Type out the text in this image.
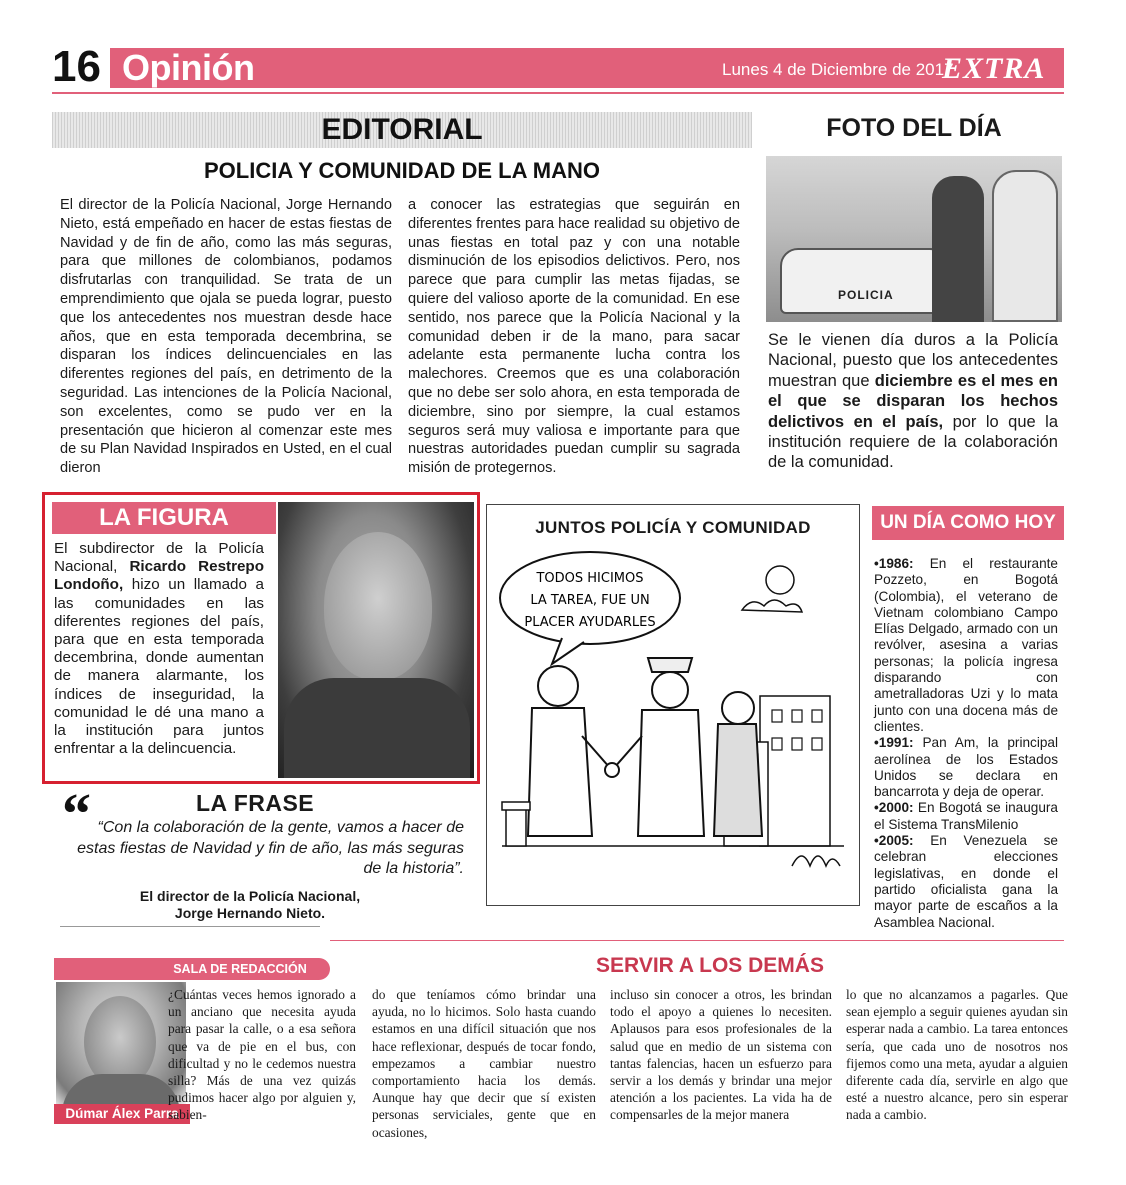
16 Opinión	Lunes 4 de Diciembre de 2017
EXTRA
EDITORIAL
POLICIA Y COMUNIDAD DE LA MANO
El director de la Policía Nacional, Jorge Hernando Nieto, está empeñado en hacer de estas fiestas de Navidad y de fin de año, como las más seguras, para que millones de colombianos, podamos disfrutarlas con tranquilidad. Se trata de un emprendimiento que ojala se pueda lograr, puesto que los antecedentes nos muestran desde hace años, que en esta temporada decembrina, se disparan los índices delincuenciales en las diferentes regiones del país, en detrimento de la seguridad. Las intenciones de la Policía Nacional, son excelentes, como se pudo ver en la presentación que hicieron al comenzar este mes de su Plan Navidad Inspirados en Usted, en el cual dieron
a conocer las estrategias que seguirán en diferentes frentes para hace realidad su objetivo de unas fiestas en total paz y con una notable disminución de los episodios delictivos. Pero, nos parece que para cumplir las metas fijadas, se quiere del valioso aporte de la comunidad. En ese sentido, nos parece que la Policía Nacional y la comunidad deben ir de la mano, para sacar adelante esta permanente lucha contra los malechores. Creemos que es una colaboración que no debe ser solo ahora, en esta temporada de diciembre, sino por siempre, la cual estamos seguros será muy valiosa e importante para que nuestras autoridades puedan cumplir su sagrada misión de protegernos.
FOTO DEL DÍA
POLICIA
Se le vienen día duros a la Policía Nacional, puesto que los antecedentes muestran que diciembre es el mes en el que se disparan los hechos delictivos en el país, por lo que la institución requiere de la colaboración de la comunidad.
LA FIGURA
El subdirector de la Policía Nacional, Ricardo Restrepo Londoño, hizo un llamado a las comunidades en las diferentes regiones del país, para que en esta temporada decembrina, donde aumentan de manera alarmante, los índices de inseguridad, la comunidad le dé una mano a la institución para juntos enfrentar a la delincuencia.
“	LA FRASE
“Con la colaboración de la gente, vamos a hacer de estas fiestas de Navidad y fin de año, las más seguras de la historia”.
El director de la Policía Nacional,
Jorge Hernando Nieto.
JUNTOS POLICÍA Y COMUNIDAD
TODOS HICIMOS
LA TAREA, FUE UN
PLACER AYUDARLES
UN DÍA COMO HOY

•1986: En el restaurante Pozzeto, en Bogotá (Colombia), el veterano de Vietnam colombiano Campo Elías Delgado, armado con un revólver, asesina a varias personas; la policía ingresa disparando con ametralladoras Uzi y lo mata junto con una docena más de clientes.

•1991: Pan Am, la principal aerolínea de los Estados Unidos se declara en bancarrota y deja de operar.

•2000: En Bogotá se inaugura el Sistema TransMilenio

•2005: En Venezuela se celebran elecciones legislativas, en donde el partido oficialista gana la mayor parte de escaños a la Asamblea Nacional.

SALA DE REDACCIÓN	SERVIR A LOS DEMÁS
Dúmar Álex Parra
¿Cuántas veces hemos ignorado a un anciano que necesita ayuda para pasar la calle, o a esa señora que va de pie en el bus, con dificultad y no le cedemos nuestra silla? Más de una vez quizás pudimos hacer algo por alguien y, sabien-
do que teníamos cómo brindar una ayuda, no lo hicimos. Solo hasta cuando estamos en una difícil situación que nos hace reflexionar, después de tocar fondo, empezamos a cambiar nuestro comportamiento hacia los demás. Aunque hay que decir que sí existen personas serviciales, gente que en ocasiones,
incluso sin conocer a otros, les brindan todo el apoyo a quienes lo necesiten. Aplausos para esos profesionales de la salud que en medio de un sistema con tantas falencias, hacen un esfuerzo para servir a los demás y brindar una mejor atención a los pacientes. La vida ha de compensarles de la mejor manera
lo que no alcanzamos a pagarles. Que sean ejemplo a seguir quienes ayudan sin esperar nada a cambio. La tarea entonces sería, que cada uno de nosotros nos fijemos como una meta, ayudar a alguien diferente cada día, servirle en algo que esté a nuestro alcance, pero sin esperar nada a cambio.
